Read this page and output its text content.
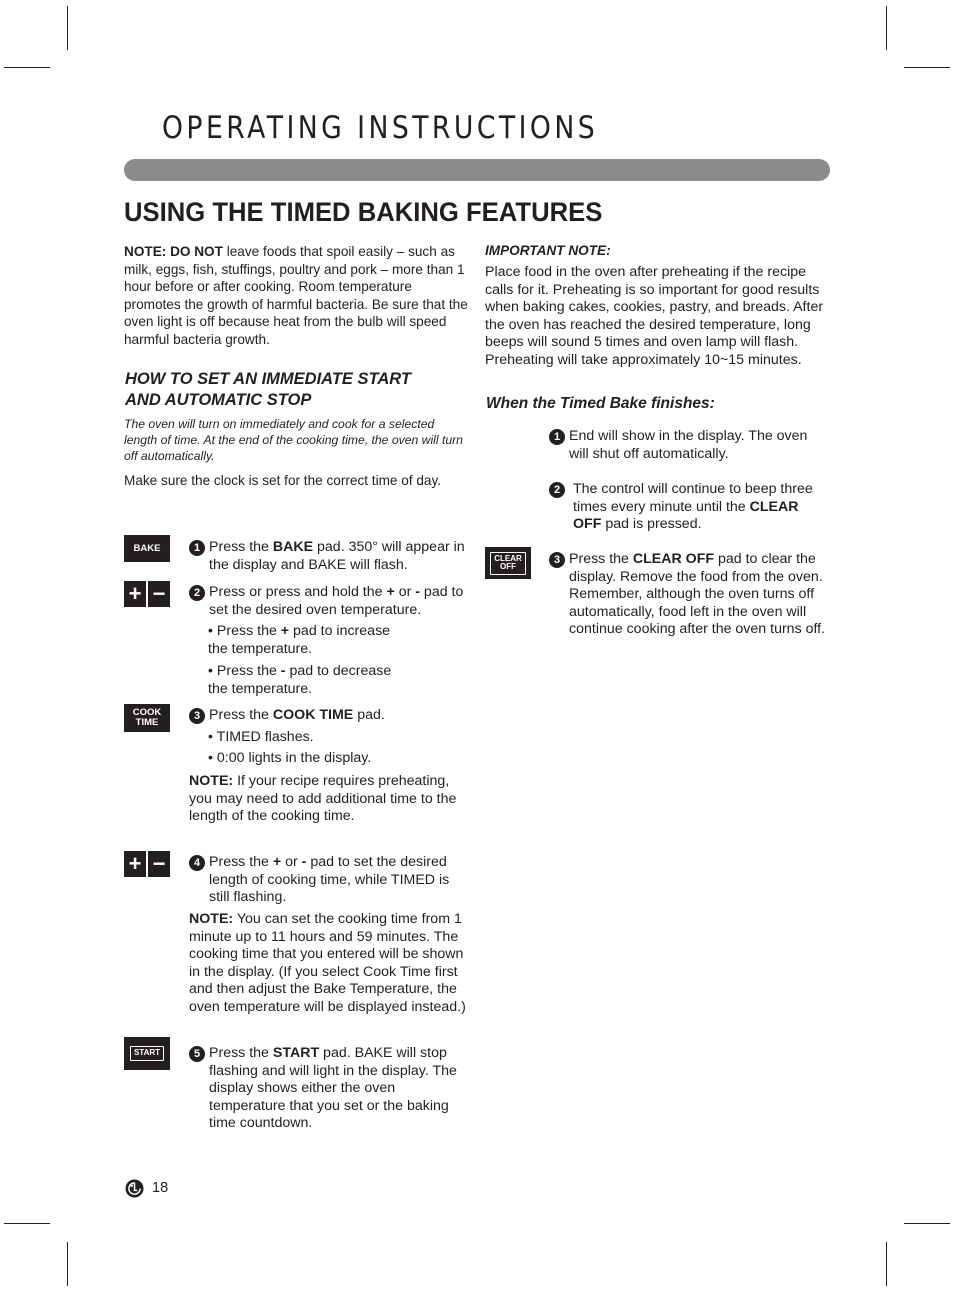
OPERATING INSTRUCTIONS
USING THE TIMED BAKING FEATURES

NOTE: DO NOT leave foods that spoil easily – such as milk, eggs, fish, stuffings, poultry and pork – more than 1 hour before or after cooking. Room temperature promotes the growth of harmful bacteria. Be sure that the oven light is off because heat from the bulb will speed harmful bacteria growth.

HOW TO SET AN IMMEDIATE START
AND AUTOMATIC STOP
The oven will turn on immediately and cook for a selected length of time. At the end of the cooking time, the oven will turn off automatically.
Make sure the clock is set for the correct time of day.
BAKE	1 Press the BAKE pad. 350° will appear in the display and BAKE will flash.
+ −	2 Press or press and hold the + or - pad to set the desired oven temperature.
• Press the + pad to increase the temperature.
• Press the - pad to decrease the temperature.
COOK
TIME
3 Press the COOK TIME pad.
• TIMED flashes.
• 0:00 lights in the display.
NOTE: If your recipe requires preheating, you may need to add additional time to the length of the cooking time.
+ −	4 Press the + or - pad to set the desired length of cooking time, while TIMED is still flashing.
NOTE: You can set the cooking time from 1 minute up to 11 hours and 59 minutes. The cooking time that you entered will be shown in the display. (If you select Cook Time first and then adjust the Bake Temperature, the oven temperature will be displayed instead.)
START	5 Press the START pad. BAKE will stop flashing and will light in the display. The display shows either the oven temperature that you set or the baking time countdown.

IMPORTANT NOTE:

Place food in the oven after preheating if the recipe calls for it. Preheating is so important for good results when baking cakes, cookies, pastry, and breads. After the oven has reached the desired temperature, long beeps will sound 5 times and oven lamp will flash. Preheating will take approximately 10~15 minutes.

When the Timed Bake finishes:

1 End will show in the display. The oven will shut off automatically.
2 The control will continue to beep three times every minute until the CLEAR OFF pad is pressed.
CLEAR
OFF
3 Press the CLEAR OFF pad to clear the display. Remove the food from the oven. Remember, although the oven turns off automatically, food left in the oven will continue cooking after the oven turns off.
18
